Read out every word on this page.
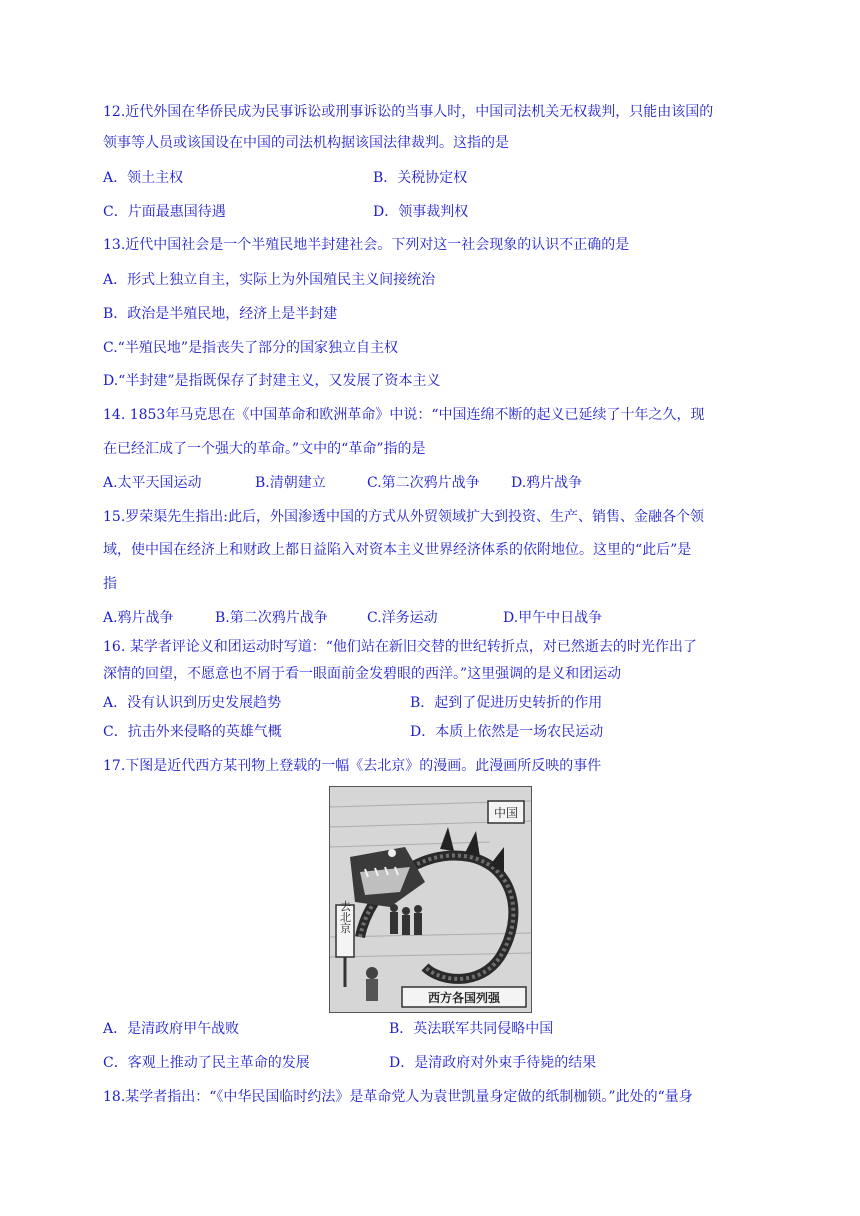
12.近代外国在华侨民成为民事诉讼或刑事诉讼的当事人时，中国司法机关无权裁判，只能由该国的
领事等人员或该国设在中国的司法机构据该国法律裁判。这指的是
A．领土主权	B．关税协定权
C．片面最惠国待遇	D．领事裁判权
13.近代中国社会是一个半殖民地半封建社会。下列对这一社会现象的认识不正确的是
A．形式上独立自主，实际上为外国殖民主义间接统治
B．政治是半殖民地，经济上是半封建
C.“半殖民地”是指丧失了部分的国家独立自主权
D.“半封建”是指既保存了封建主义，又发展了资本主义
14. 1853年马克思在《中国革命和欧洲革命》中说：“中国连绵不断的起义已延续了十年之久，现
在已经汇成了一个强大的革命。”文中的“革命”指的是
A.太平天国运动	B.清朝建立	C.第二次鸦片战争 D.鸦片战争
15.罗荣渠先生指出:此后，外国渗透中国的方式从外贸领域扩大到投资、生产、销售、金融各个领
域，使中国在经济上和财政上都日益陷入对资本主义世界经济体系的依附地位。这里的“此后”是
指
A.鸦片战争	B.第二次鸦片战争	C.洋务运动	D.甲午中日战争
16. 某学者评论义和团运动时写道：“他们站在新旧交替的世纪转折点，对已然逝去的时光作出了
深情的回望，不愿意也不屑于看一眼面前金发碧眼的西洋。”这里强调的是义和团运动
A．没有认识到历史发展趋势	B．起到了促进历史转折的作用
C．抗击外来侵略的英雄气概	D．本质上依然是一场农民运动
17.下图是近代西方某刊物上登载的一幅《去北京》的漫画。此漫画所反映的事件
中国
去北京
西方各国列强
A．是清政府甲午战败	B．英法联军共同侵略中国
C．客观上推动了民主革命的发展	D．是清政府对外束手待毙的结果
18.某学者指出：“《中华民国临时约法》是革命党人为袁世凯量身定做的纸制枷锁。”此处的“量身
